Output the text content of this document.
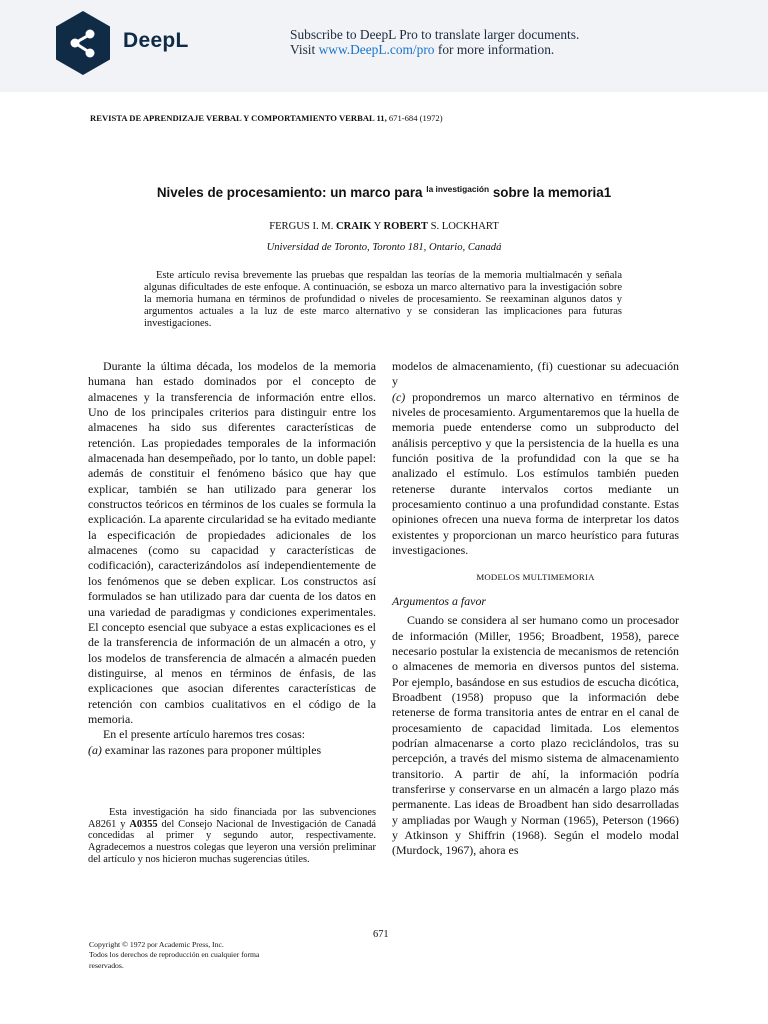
DeepL	Subscribe to DeepL Pro to translate larger documents.
Visit www.DeepL.com/pro for more information.
REVISTA DE APRENDIZAJE VERBAL Y COMPORTAMIENTO VERBAL 11, 671-684 (1972)
Niveles de procesamiento: un marco para $^{la investigación}$ sobre la memoria1
FERGUS I. M. CRAIK Y ROBERT S. LOCKHART
Universidad de Toronto, Toronto 181, Ontario, Canadá
Este artículo revisa brevemente las pruebas que respaldan las teorías de la memoria multialmacén y señala algunas dificultades de este enfoque. A continuación, se esboza un marco alternativo para la investigación sobre la memoria humana en términos de profundidad o niveles de procesamiento. Se reexaminan algunos datos y argumentos actuales a la luz de este marco alternativo y se consideran las implicaciones para futuras investigaciones.

Durante la última década, los modelos de la memoria humana han estado dominados por el concepto de almacenes y la transferencia de información entre ellos. Uno de los principales criterios para distinguir entre los almacenes ha sido sus diferentes características de retención. Las propiedades temporales de la información almacenada han desempeñado, por lo tanto, un doble papel: además de constituir el fenómeno básico que hay que explicar, también se han utilizado para generar los constructos teóricos en términos de los cuales se formula la explicación. La aparente circularidad se ha evitado mediante la especificación de propiedades adicionales de los almacenes (como su capacidad y características de codificación), caracterizándolos así independientemente de los fenómenos que se deben explicar. Los constructos así formulados se han utilizado para dar cuenta de los datos en una variedad de paradigmas y condiciones experimentales. El concepto esencial que subyace a estas explicaciones es el de la transferencia de información de un almacén a otro, y los modelos de transferencia de almacén a almacén pueden distinguirse, al menos en términos de énfasis, de las explicaciones que asocian diferentes características de retención con cambios cualitativos en el código de la memoria.

En el presente artículo haremos tres cosas:

(a) examinar las razones para proponer múltiples

Esta investigación ha sido financiada por las subvenciones A8261 y A0355 del Consejo Nacional de Investigación de Canadá concedidas al primer y segundo autor, respectivamente. Agradecemos a nuestros colegas que leyeron una versión preliminar del artículo y nos hicieron muchas sugerencias útiles.

modelos de almacenamiento, (fi) cuestionar su adecuación y

(c) propondremos un marco alternativo en términos de niveles de procesamiento. Argumentaremos que la huella de memoria puede entenderse como un subproducto del análisis perceptivo y que la persistencia de la huella es una función positiva de la profundidad con la que se ha analizado el estímulo. Los estímulos también pueden retenerse durante intervalos cortos mediante un procesamiento continuo a una profundidad constante. Estas opiniones ofrecen una nueva forma de interpretar los datos existentes y proporcionan un marco heurístico para futuras investigaciones.

MODELOS MULTIMEMORIA

Argumentos a favor

Cuando se considera al ser humano como un procesador de información (Miller, 1956; Broadbent, 1958), parece necesario postular la existencia de mecanismos de retención o almacenes de memoria en diversos puntos del sistema. Por ejemplo, basándose en sus estudios de escucha dicótica, Broadbent (1958) propuso que la información debe retenerse de forma transitoria antes de entrar en el canal de procesamiento de capacidad limitada. Los elementos podrían almacenarse a corto plazo reciclándolos, tras su percepción, a través del mismo sistema de almacenamiento transitorio. A partir de ahí, la información podría transferirse y conservarse en un almacén a largo plazo más permanente. Las ideas de Broadbent han sido desarrolladas y ampliadas por Waugh y Norman (1965), Peterson (1966) y Atkinson y Shiffrin (1968). Según el modelo modal (Murdock, 1967), ahora es

671
Copyright © 1972 por Academic Press, Inc.
Todos los derechos de reproducción en cualquier forma
reservados.
